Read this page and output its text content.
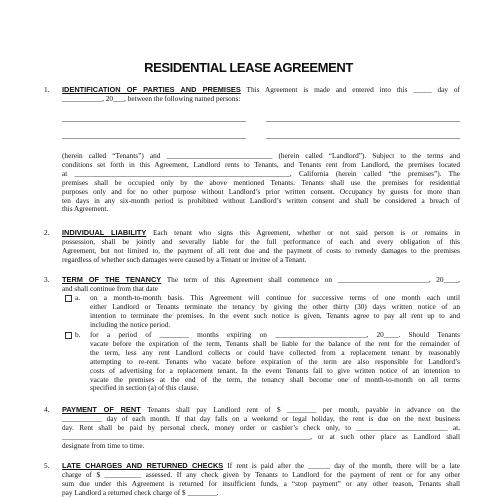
RESIDENTIAL LEASE AGREEMENT
1. IDENTIFICATION OF PARTIES AND PREMISES This Agreement is made and entered into this _____ day of
___________, 20___, between the following named persons:
(herein called “Tenants”) and _____________________________ (herein called “Landlord”). Subject to the terms and
conditions set forth in this Agreement, Landlord rents to Tenants, and Tenants rent from Landlord, the premises located
at ___________________________________________________________, California (herein called “the premises”). The
premises shall be occupied only by the above mentioned Tenants. Tenants shall use the premises for residential
purposes only and for no other purpose without Landlord’s prior written consent. Occupancy by guests for more than
ten days in any six-month period is prohibited without Landlord’s written consent and shall be considered a breach of
this Agreement.
2. INDIVIDUAL LIABILITY Each tenant who signs this Agreement, whether or not said person is or remains in
possession, shall be jointly and severally liable for the full performance of each and every obligation of this
Agreement, but not limited to, the payment of all rent due and the payment of costs to remedy damages to the premises
regardless of whether such damages were caused by a Tenant or invitee of a Tenant.
3. TERM OF THE TENANCY The term of this Agreement shall commence on _________________________, 20____,
and shall continue from that date
a. on a month-to-month basis. This Agreement will continue for successive terms of one month each until
either Landlord or Tenants terminate the tenancy by giving the other thirty (30) days written notice of an
intention to terminate the premises. In the event such notice is given, Tenants agree to pay all rent up to and
including the notice period.
b. for a period of ________ months expiring on _________________________, 20____. Should Tenants
vacate before the expiration of the term, Tenants shall be liable for the balance of the rent for the remainder of
the term, less any rent Landlord collects or could have collected from a replacement tenant by reasonably
attempting to re-rent. Tenants who vacate before expiration of the term are also responsible for Landlord’s
costs of advertising for a replacement tenant. In the event Tenants fail to give written notice of an intention to
vacate the premises at the end of the term, the tenancy shall become one of month-to-month on all terms
specified in section (a) of this clause.
4. PAYMENT OF RENT Tenants shall pay Landlord rent of $ ________ per month, payable in advance on the
___________ day of each month. If that day falls on a weekend or legal holiday, the rent is due on the next business
day. Rent shall be paid by personal check, money order or cashier’s check only, to _________________________ at,
____________________________________________________________________, or at such other place as Landlord shall
designate from time to time.
5. LATE CHARGES AND RETURNED CHECKS If rent is paid after the ______ day of the month, there will be a late
charge of $ __________ assessed. If any check given by Tenants to Landlord for the payment of rent or for any other
sum due under this Agreement is returned for insufficient funds, a “stop payment” or any other reason, Tenants shall
pay Landlord a returned check charge of $ ________.
